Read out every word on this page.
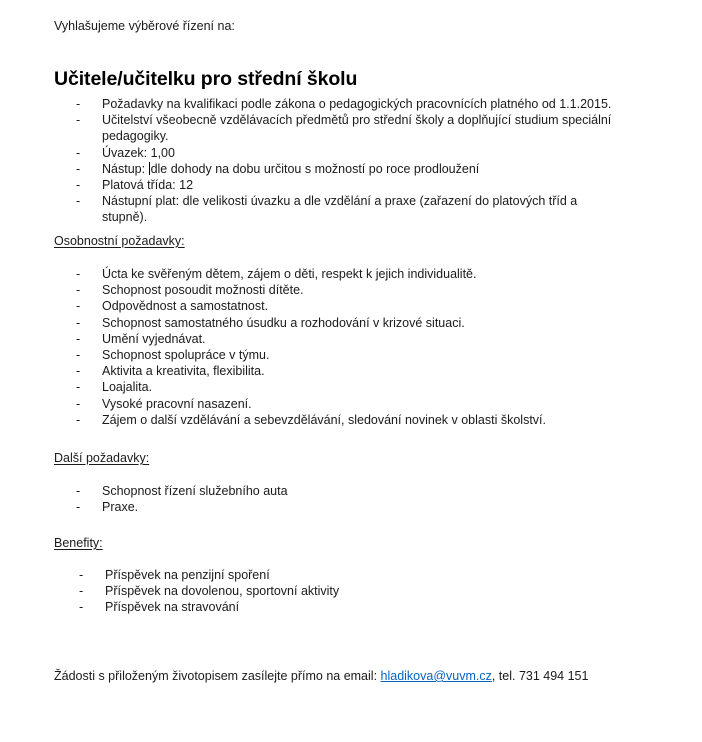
Vyhlašujeme výběrové řízení na:
Učitele/učitelku pro střední školu
- Požadavky na kvalifikaci podle zákona o pedagogických pracovnících platného od 1.1.2015.
- Učitelství všeobecně vzdělávacích předmětů pro střední školy a doplňující studium speciální pedagogiky.
- Úvazek: 1,00
- Nástup: dle dohody na dobu určitou s možností po roce prodloužení
- Platová třída: 12
- Nástupní plat: dle velikosti úvazku a dle vzdělání a praxe (zařazení do platových tříd a stupně).
Osobnostní požadavky:
- Úcta ke svěřeným dětem, zájem o děti, respekt k jejich individualitě.
- Schopnost posoudit možnosti dítěte.
- Odpovědnost a samostatnost.
- Schopnost samostatného úsudku a rozhodování v krizové situaci.
- Umění vyjednávat.
- Schopnost spolupráce v týmu.
- Aktivita a kreativita, flexibilita.
- Loajalita.
- Vysoké pracovní nasazení.
- Zájem o další vzdělávání a sebevzdělávání, sledování novinek v oblasti školství.
Další požadavky:
- Schopnost řízení služebního auta
- Praxe.
Benefity:
- Příspěvek na penzijní spoření
- Příspěvek na dovolenou, sportovní aktivity
- Příspěvek na stravování
Žádosti s přiloženým životopisem zasílejte přímo na email: hladikova@vuvm.cz, tel. 731 494 151
